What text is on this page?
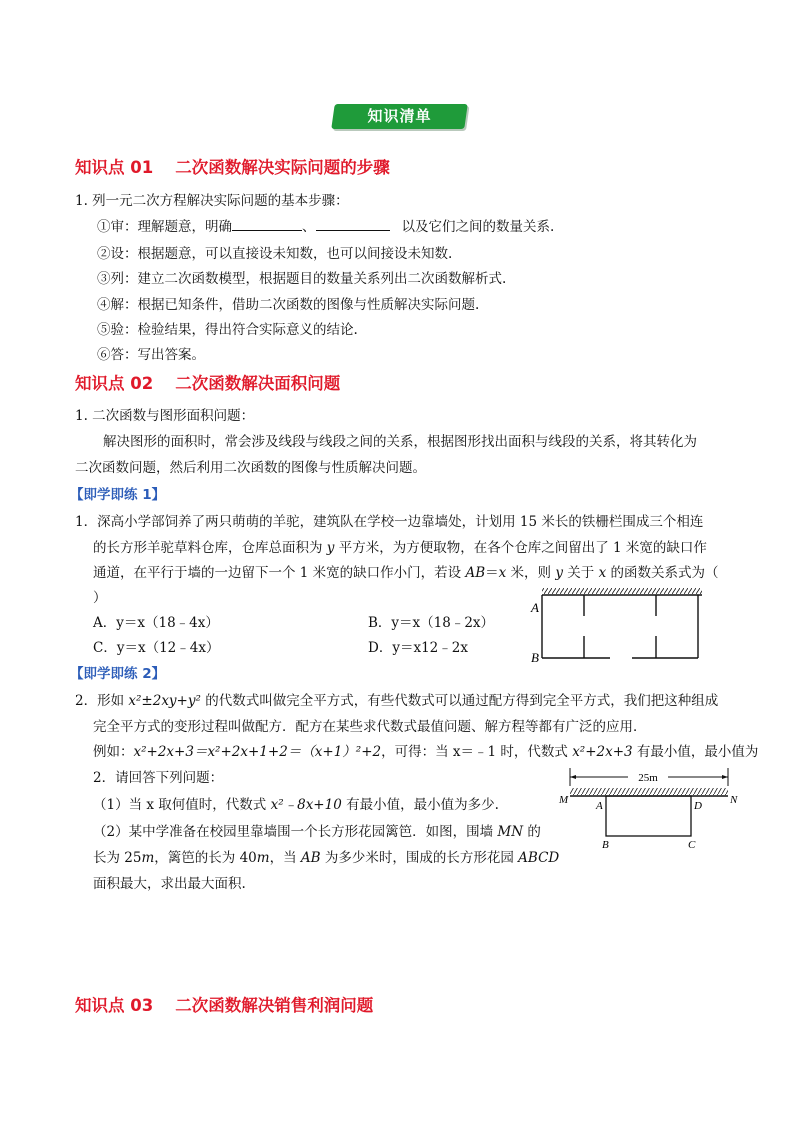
知识清单
知识点 01 二次函数解决实际问题的步骤
1. 列一元二次方程解决实际问题的基本步骤：
①审：理解题意，明确	、	以及它们之间的数量关系.
②设：根据题意，可以直接设未知数，也可以间接设未知数.
③列：建立二次函数模型，根据题目的数量关系列出二次函数解析式.
④解：根据已知条件，借助二次函数的图像与性质解决实际问题.
⑤验：检验结果，得出符合实际意义的结论.
⑥答：写出答案。
知识点 02 二次函数解决面积问题
1. 二次函数与图形面积问题：
解决图形的面积时，常会涉及线段与线段之间的关系，根据图形找出面积与线段的关系，将其转化为
二次函数问题，然后利用二次函数的图像与性质解决问题。
【即学即练 1】
1．深高小学部饲养了两只萌萌的羊驼，建筑队在学校一边靠墙处，计划用 15 米长的铁栅栏围成三个相连
的长方形羊驼草料仓库，仓库总面积为 y 平方米，为方便取物，在各个仓库之间留出了 1 米宽的缺口作
通道，在平行于墙的一边留下一个 1 米宽的缺口作小门，若设 AB＝x 米，则 y 关于 x 的函数关系式为（
）
A．y＝x（18﹣4x）	B．y＝x（18﹣2x）
C．y＝x（12﹣4x）	D．y＝x12﹣2x
A
B
【即学即练 2】
2．形如 x²±2xy+y² 的代数式叫做完全平方式，有些代数式可以通过配方得到完全平方式，我们把这种组成
完全平方式的变形过程叫做配方．配方在某些求代数式最值问题、解方程等都有广泛的应用．
例如：x²+2x+3＝x²+2x+1+2＝（x+1）²+2，可得：当 x＝﹣1 时，代数式 x²+2x+3 有最小值，最小值为
2．请回答下列问题：
（1）当 x 取何值时，代数式 x²﹣8x+10 有最小值，最小值为多少.
（2）某中学准备在校园里靠墙围一个长方形花园篱笆．如图，围墙 MN 的
长为 25m，篱笆的长为 40m，当 AB 为多少米时，围成的长方形花园 ABCD
面积最大，求出最大面积.
25m
M	N
A	D
B	C
知识点 03 二次函数解决销售利润问题
